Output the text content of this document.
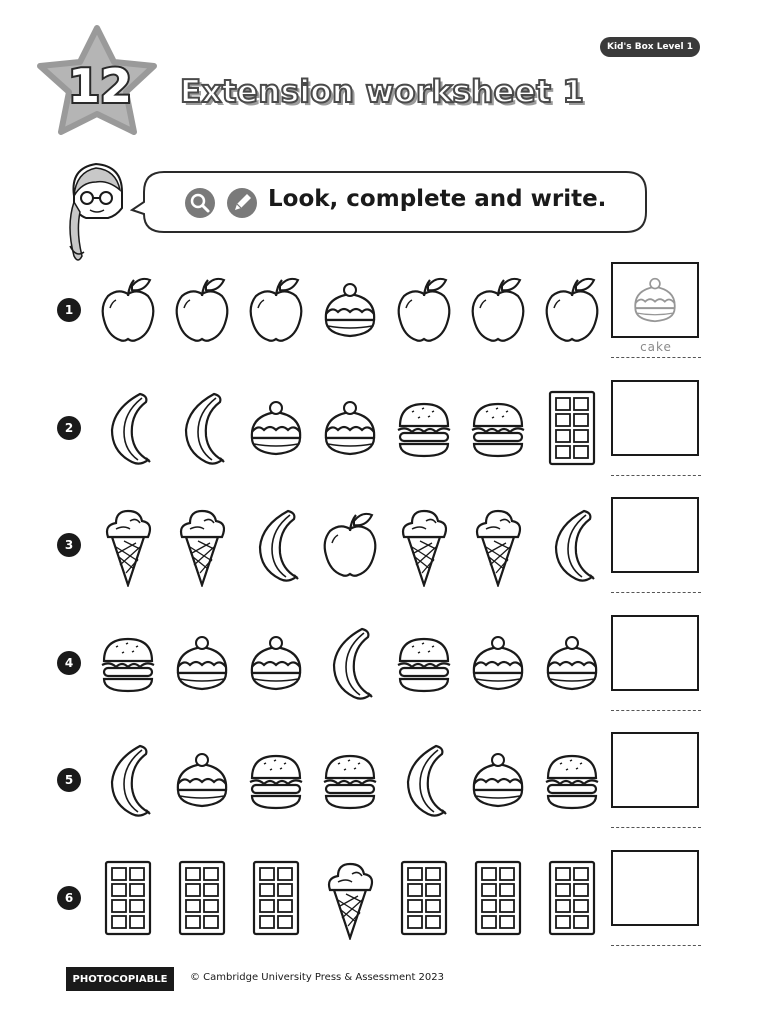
12 Extension worksheet 1
Kid's Box Level 1
Look, complete and write.
1
cake
2
3
4
5
6
PHOTOCOPIABLE	© Cambridge University Press & Assessment 2023
